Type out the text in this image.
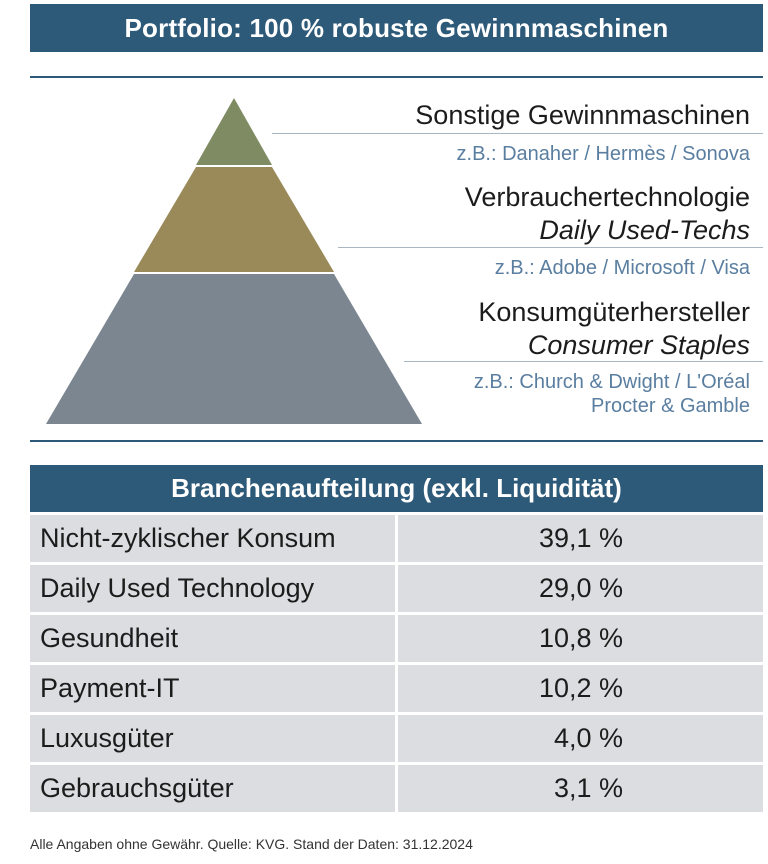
Portfolio: 100 % robuste Gewinnmaschinen
Sonstige Gewinnmaschinen
z.B.: Danaher / Hermès / Sonova
Verbrauchertechnologie
Daily Used-Techs
z.B.: Adobe / Microsoft / Visa
Konsumgüterhersteller
Consumer Staples
z.B.: Church & Dwight / L'Oréal
Procter & Gamble
Branchenaufteilung (exkl. Liquidität)
Nicht-zyklischer Konsum	39,1 %
Daily Used Technology	29,0 %
Gesundheit	10,8 %
Payment-IT	10,2 %
Luxusgüter	4,0 %
Gebrauchsgüter	3,1 %
Alle Angaben ohne Gewähr. Quelle: KVG. Stand der Daten: 31.12.2024
